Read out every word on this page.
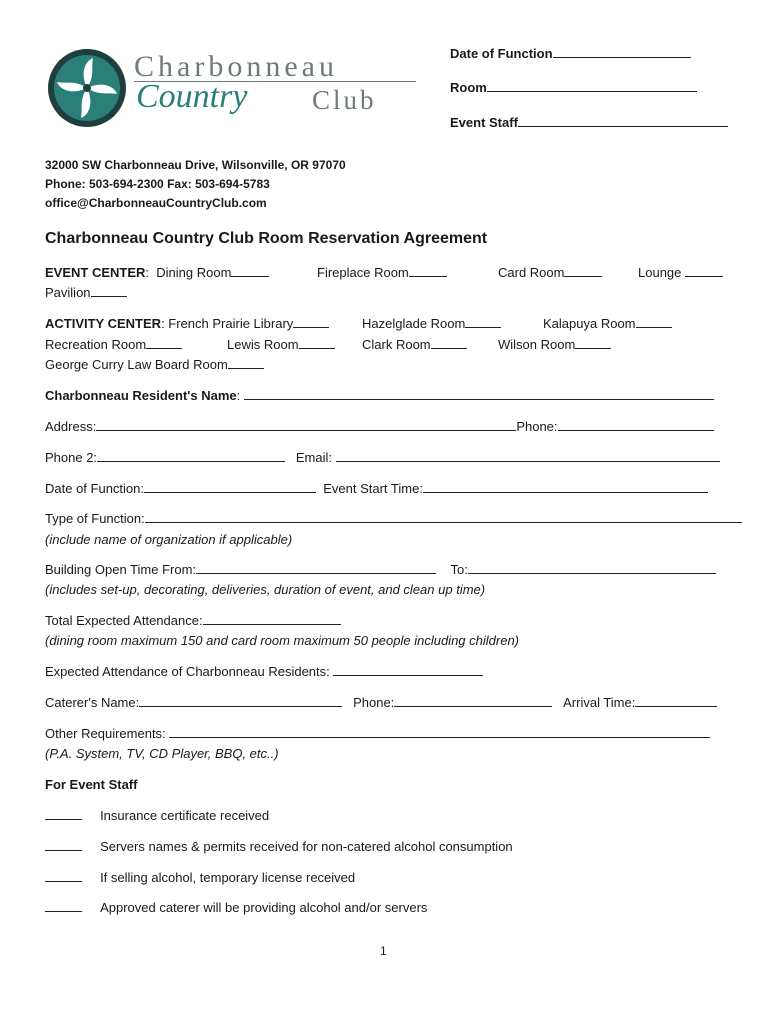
Charbonneau
Country Club
Date of Function
Room
Event Staff
32000 SW Charbonneau Drive, Wilsonville, OR 97070
Phone: 503-694-2300 Fax: 503-694-5783
office@CharbonneauCountryClub.com
Charbonneau Country Club Room Reservation Agreement
EVENT CENTER:  Dining Room	Fireplace Room	Card Room	Lounge
Pavilion
ACTIVITY CENTER: French Prairie Library	Hazelglade Room	Kalapuya Room
Recreation Room	Lewis Room	Clark Room	Wilson Room
George Curry Law Board Room
Charbonneau Resident's Name:
Address:	Phone:
Phone 2:	Email:
Date of Function:	Event Start Time:
Type of Function:
(include name of organization if applicable)
Building Open Time From:	To:
(includes set-up, decorating, deliveries, duration of event, and clean up time)
Total Expected Attendance:
(dining room maximum 150 and card room maximum 50 people including children)
Expected Attendance of Charbonneau Residents:
Caterer's Name:	Phone:	Arrival Time:
Other Requirements:
(P.A. System, TV, CD Player, BBQ, etc..)
For Event Staff
Insurance certificate received
Servers names & permits received for non-catered alcohol consumption
If selling alcohol, temporary license received
Approved caterer will be providing alcohol and/or servers
1
